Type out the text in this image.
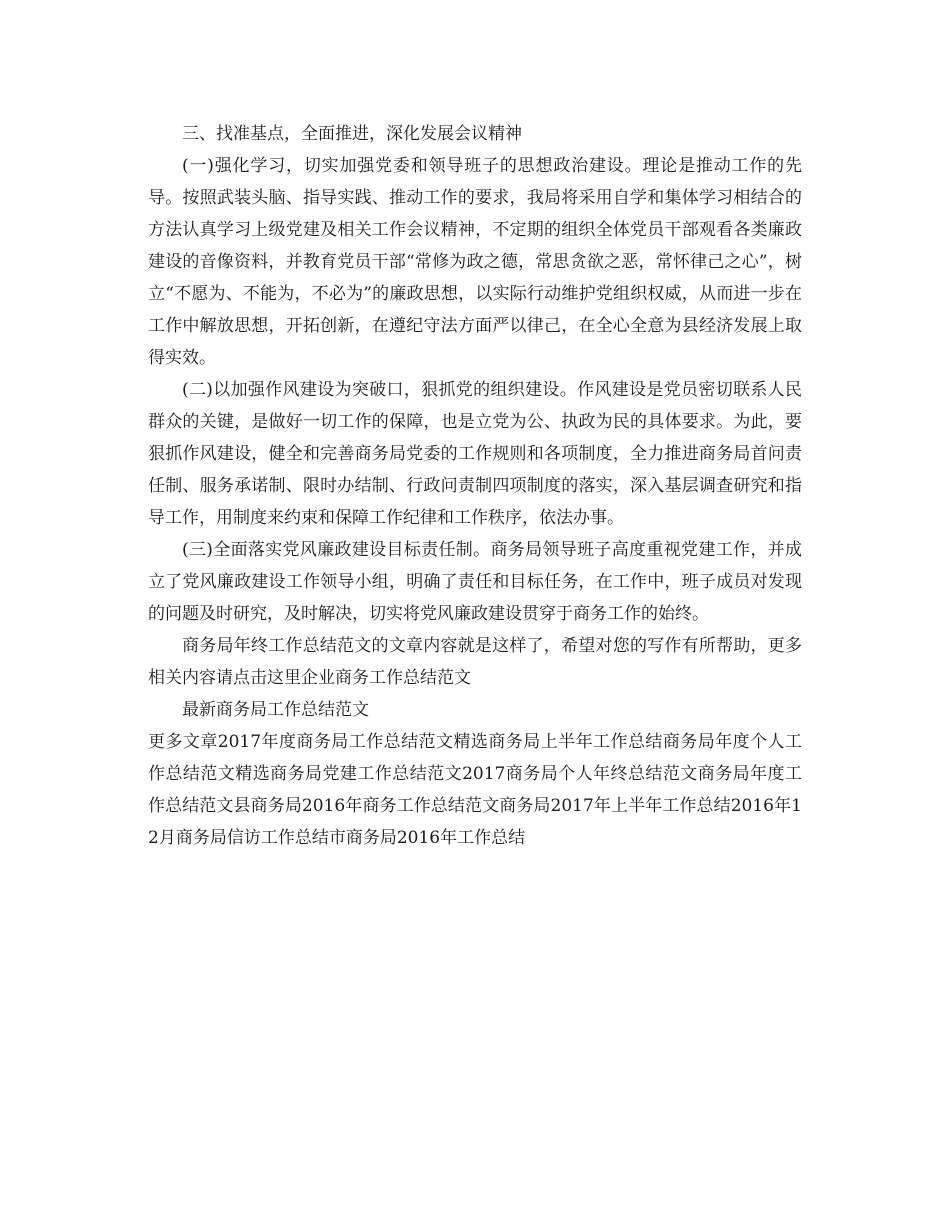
三、找准基点，全面推进，深化发展会议精神

(一)强化学习，切实加强党委和领导班子的思想政治建设。理论是推动工作的先导。按照武装头脑、指导实践、推动工作的要求，我局将采用自学和集体学习相结合的方法认真学习上级党建及相关工作会议精神，不定期的组织全体党员干部观看各类廉政建设的音像资料，并教育党员干部“常修为政之德，常思贪欲之恶，常怀律己之心”，树立“不愿为、不能为，不必为”的廉政思想，以实际行动维护党组织权威，从而进一步在工作中解放思想，开拓创新，在遵纪守法方面严以律己，在全心全意为县经济发展上取得实效。

(二)以加强作风建设为突破口，狠抓党的组织建设。作风建设是党员密切联系人民群众的关键，是做好一切工作的保障，也是立党为公、执政为民的具体要求。为此，要狠抓作风建设，健全和完善商务局党委的工作规则和各项制度，全力推进商务局首问责任制、服务承诺制、限时办结制、行政问责制四项制度的落实，深入基层调查研究和指导工作，用制度来约束和保障工作纪律和工作秩序，依法办事。

(三)全面落实党风廉政建设目标责任制。商务局领导班子高度重视党建工作，并成立了党风廉政建设工作领导小组，明确了责任和目标任务，在工作中，班子成员对发现的问题及时研究，及时解决，切实将党风廉政建设贯穿于商务工作的始终。

商务局年终工作总结范文的文章内容就是这样了，希望对您的写作有所帮助，更多相关内容请点击这里企业商务工作总结范文

最新商务局工作总结范文

更多文章2017年度商务局工作总结范文精选商务局上半年工作总结商务局年度个人工作总结范文精选商务局党建工作总结范文2017商务局个人年终总结范文商务局年度工作总结范文县商务局2016年商务工作总结范文商务局2017年上半年工作总结2016年12月商务局信访工作总结市商务局2016年工作总结
